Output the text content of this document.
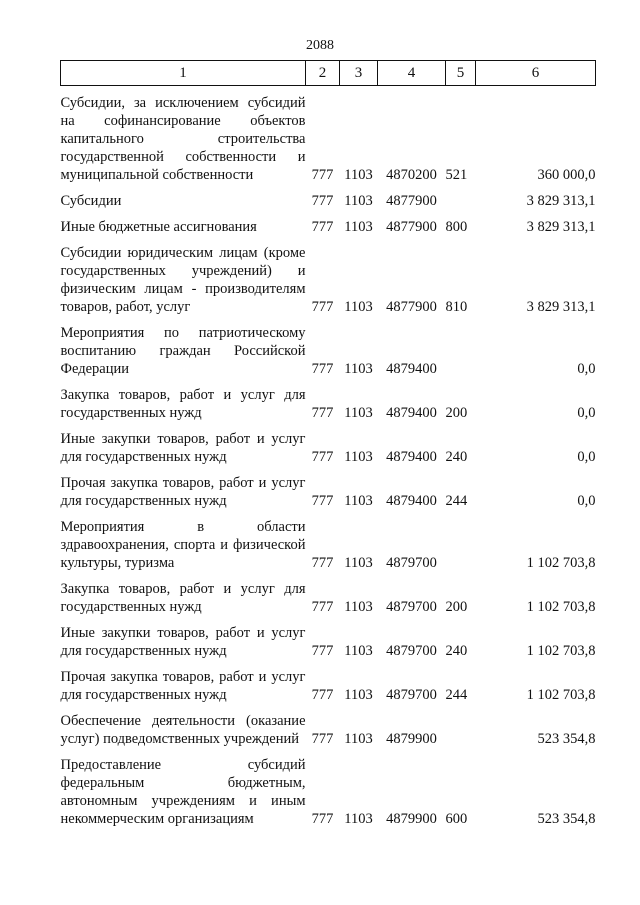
2088
1	2	3	4	5	6
Субсидии, за исключением субсидий на софинансирование объектов капитального строительства государственной собственности и муниципальной собственности	777	1103	4870200	521	360 000,0
Субсидии	777	1103	4877900		3 829 313,1
Иные бюджетные ассигнования	777	1103	4877900	800	3 829 313,1
Субсидии юридическим лицам (кроме государственных учреждений) и физическим лицам - производителям товаров, работ, услуг	777	1103	4877900	810	3 829 313,1
Мероприятия по патриотическому воспитанию граждан Российской Федерации	777	1103	4879400		0,0
Закупка товаров, работ и услуг для государственных нужд	777	1103	4879400	200	0,0
Иные закупки товаров, работ и услуг для государственных нужд	777	1103	4879400	240	0,0
Прочая закупка товаров, работ и услуг для государственных нужд	777	1103	4879400	244	0,0
Мероприятия в области здравоохранения, спорта и физической культуры, туризма	777	1103	4879700		1 102 703,8
Закупка товаров, работ и услуг для государственных нужд	777	1103	4879700	200	1 102 703,8
Иные закупки товаров, работ и услуг для государственных нужд	777	1103	4879700	240	1 102 703,8
Прочая закупка товаров, работ и услуг для государственных нужд	777	1103	4879700	244	1 102 703,8
Обеспечение деятельности (оказание услуг) подведомственных учреждений	777	1103	4879900		523 354,8
Предоставление субсидий федеральным бюджетным, автономным учреждениям и иным некоммерческим организациям	777	1103	4879900	600	523 354,8
